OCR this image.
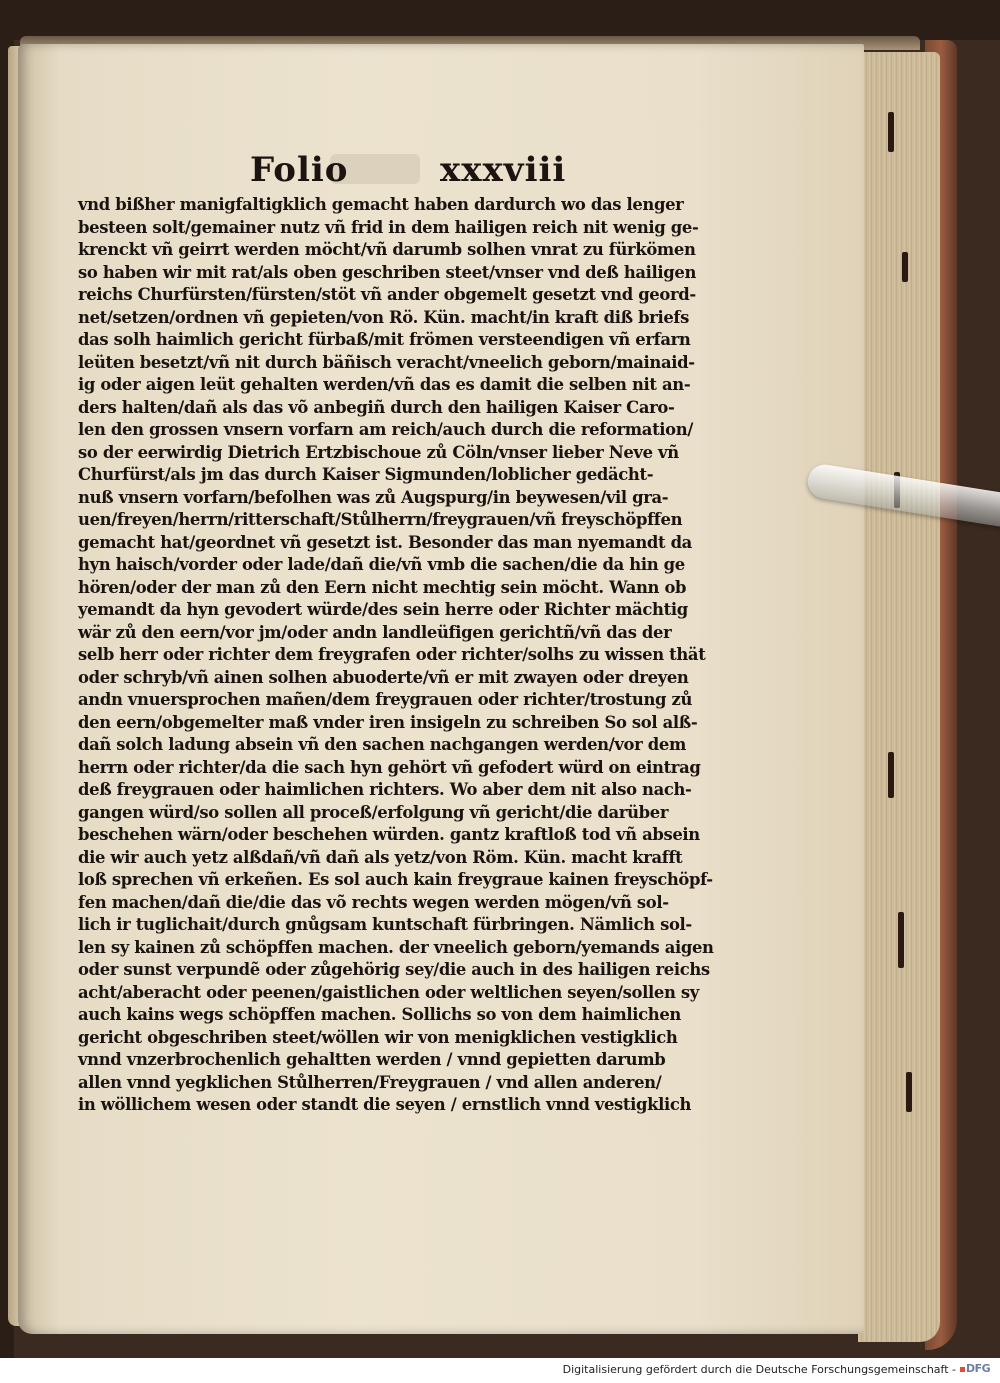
Folio	xxxviii
vnd bißher manigfaltigklich gemacht haben dardurch wo das lenger
besteen solt/gemainer nutz vñ frid in dem hailigen reich nit wenig ge-
krenckt vñ geirrt werden möcht/vñ darumb solhen vnrat zu fürkömen
so haben wir mit rat/als oben geschriben steet/vnser vnd deß hailigen
reichs Churfürsten/fürsten/stöt vñ ander obgemelt gesetzt vnd geord-
net/setzen/ordnen vñ gepieten/von Rö. Kün. macht/in kraft diß briefs
das solh haimlich gericht fürbaß/mit frömen versteendigen vñ erfarn
leüten besetzt/vñ nit durch bäñisch veracht/vneelich geborn/mainaid-
ig oder aigen leüt gehalten werden/vñ das es damit die selben nit an-
ders halten/dañ als das võ anbegiñ durch den hailigen Kaiser Caro-
len den grossen vnsern vorfarn am reich/auch durch die reformation/
so der eerwirdig Dietrich Ertzbischoue zů Cöln/vnser lieber Neve vñ
Churfürst/als jm das durch Kaiser Sigmunden/loblicher gedächt-
nuß vnsern vorfarn/befolhen was zů Augspurg/in beywesen/vil gra-
uen/freyen/herrn/ritterschaft/Stůlherrn/freygrauen/vñ freyschöpffen
gemacht hat/geordnet vñ gesetzt ist. Besonder das man nyemandt da
hyn haisch/vorder oder lade/dañ die/vñ vmb die sachen/die da hin ge
hören/oder der man zů den Eern nicht mechtig sein möcht. Wann ob
yemandt da hyn gevodert würde/des sein herre oder Richter mächtig
wär zů den eern/vor jm/oder andn landleüfigen gerichtñ/vñ das der
selb herr oder richter dem freygrafen oder richter/solhs zu wissen thät
oder schryb/vñ ainen solhen abuoderte/vñ er mit zwayen oder dreyen
andn vnuersprochen mañen/dem freygrauen oder richter/trostung zů
den eern/obgemelter maß vnder iren insigeln zu schreiben So sol alß-
dañ solch ladung absein vñ den sachen nachgangen werden/vor dem
herrn oder richter/da die sach hyn gehört vñ gefodert würd on eintrag
deß freygrauen oder haimlichen richters. Wo aber dem nit also nach-
gangen würd/so sollen all proceß/erfolgung vñ gericht/die darüber
beschehen wärn/oder beschehen würden. gantz kraftloß tod vñ absein
die wir auch yetz alßdañ/vñ dañ als yetz/von Röm. Kün. macht krafft
loß sprechen vñ erkeñen. Es sol auch kain freygraue kainen freyschöpf-
fen machen/dañ die/die das võ rechts wegen werden mögen/vñ sol-
lich ir tuglichait/durch gnůgsam kuntschaft fürbringen. Nämlich sol-
len sy kainen zů schöpffen machen. der vneelich geborn/yemands aigen
oder sunst verpundẽ oder zůgehörig sey/die auch in des hailigen reichs
acht/aberacht oder peenen/gaistlichen oder weltlichen seyen/sollen sy
auch kains wegs schöpffen machen. Sollichs so von dem haimlichen
gericht obgeschriben steet/wöllen wir von menigklichen vestigklich
vnnd vnzerbrochenlich gehaltten werden / vnnd gepietten darumb
allen vnnd yegklichen Stůlherren/Freygrauen / vnd allen anderen/
in wöllichem wesen oder standt die seyen / ernstlich vnnd vestigklich
Digitalisierung gefördert durch die Deutsche Forschungsgemeinschaft - DFG
